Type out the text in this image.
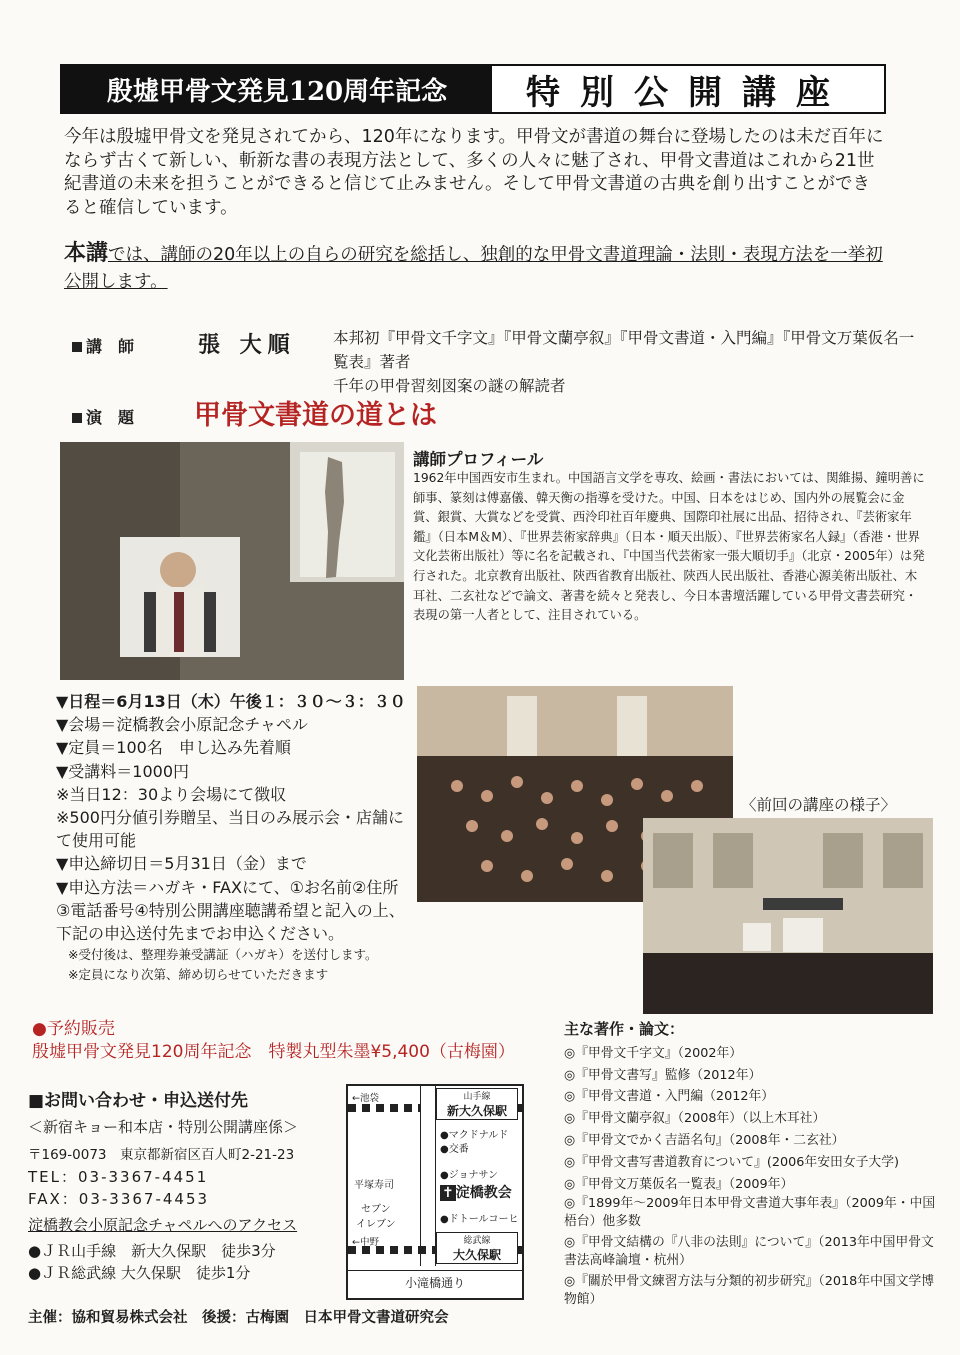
殷墟甲骨文発見120周年記念	特別公開講座
今年は殷墟甲骨文を発見されてから、120年になります。甲骨文が書道の舞台に登場したのは未だ百年にならず古くて新しい、斬新な書の表現方法として、多くの人々に魅了され、甲骨文書道はこれから21世紀書道の未来を担うことができると信じて止みません。そして甲骨文書道の古典を創り出すことができると確信しています。
本講では、講師の20年以上の自らの研究を総括し、独創的な甲骨文書道理論・法則・表現方法を一挙初公開します。
講　師	張 大順 本邦初『甲骨文千字文』『甲骨文蘭亭叙』『甲骨文書道・入門編』『甲骨文万葉仮名一覧表』著者
千年の甲骨習刻図案の謎の解読者
演　題 甲骨文書道の道とは
講師プロフィール
1962年中国西安市生まれ。中国語言文学を専攻、絵画・書法においては、関維揚、鐘明善に師事、篆刻は傅嘉儀、韓天衡の指導を受けた。中国、日本をはじめ、国内外の展覧会に金賞、銀賞、大賞などを受賞、西泠印社百年慶典、国際印社展に出品、招待され、『芸術家年鑑』（日本M＆M）、『世界芸術家辞典』（日本・順天出版）、『世界芸術家名人録』（香港・世界文化芸術出版社）等に名を記載され、『中国当代芸術家一張大順切手』（北京・2005年）は発行された。北京教育出版社、陝西省教育出版社、陝西人民出版社、香港心源美術出版社、木耳社、二玄社などで論文、著書を続々と発表し、今日本書壇活躍している甲骨文書芸研究・表現の第一人者として、注目されている。
▼日程＝6月13日（木）午後１：３０〜３：３０
▼会場＝淀橋教会小原記念チャペル
▼定員＝100名　申し込み先着順
▼受講料＝1000円
※当日12：30より会場にて徴収
※500円分値引券贈呈、当日のみ展示会・店舗にて使用可能
▼申込締切日＝5月31日（金）まで
▼申込方法＝ハガキ・FAXにて、①お名前②住所③電話番号④特別公開講座聴講希望と記入の上、下記の申込送付先までお申込ください。
※受付後は、整理券兼受講証（ハガキ）を送付します。
※定員になり次第、締め切らせていただきます
〈前回の講座の様子〉
●予約販売
殷墟甲骨文発見120周年記念　特製丸型朱墨¥5,400（古梅園）
■お問い合わせ・申込送付先
＜新宿キョー和本店・特別公開講座係＞
〒169-0073　東京都新宿区百人町2-21-23
TEL：03-3367-4451
FAX：03-3367-4453
淀橋教会小原記念チャペルへのアクセス
●ＪＲ山手線　新大久保駅　徒歩3分
●ＪＲ総武線 大久保駅　徒歩1分
←池袋	山手線
新大久保駅
●マクドナルド
●交番
平塚寿司
●ジョナサン
✝ 淀橋教会
セブン
イレブン	●ドトールコーヒ
←中野	総武線
大久保駅
小滝橋通り
主な著作・論文：
◎『甲骨文千字文』（2002年）
◎『甲骨文書写』監修（2012年）
◎『甲骨文書道・入門編（2012年）
◎『甲骨文蘭亭叙』（2008年）（以上木耳社）
◎『甲骨文でかく吉語名句』（2008年・二玄社）
◎『甲骨文書写書道教育について』(2006年安田女子大学)
◎『甲骨文万葉仮名一覧表』（2009年）
◎『1899年〜2009年日本甲骨文書道大事年表』（2009年・中国梧台）他多数
◎『甲骨文結構の『八非の法則』について』（2013年中国甲骨文書法高峰論壇・杭州）
◎『關於甲骨文練習方法与分類的初步研究』（2018年中国文学博物館）
主催：協和貿易株式会社　後援：古梅園　日本甲骨文書道研究会
